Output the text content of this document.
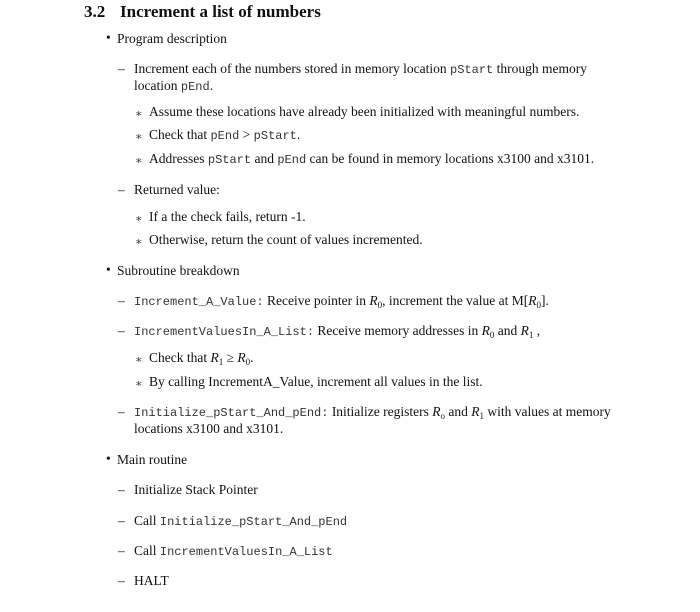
3.2 Increment a list of numbers
• Program description
– Increment each of the numbers stored in memory location pStart through memory
location pEnd.
∗ Assume these locations have already been initialized with meaningful numbers.
∗ Check that pEnd > pStart.
∗ Addresses pStart and pEnd can be found in memory locations x3100 and x3101.
– Returned value:
∗ If a the check fails, return -1.
∗ Otherwise, return the count of values incremented.
• Subroutine breakdown
– Increment_A_Value: Receive pointer in $R_0$, increment the value at $M[R_0]$.
– IncrementValuesIn_A_List: Receive memory addresses in $R_0$ and $R_1$ ,
∗ Check that $R_1 \ge R_0$.
∗ By calling IncrementA_Value, increment all values in the list.
– Initialize_pStart_And_pEnd: Initialize registers $R_o$ and $R_1$ with values at memory
locations x3100 and x3101.
• Main routine
– Initialize Stack Pointer
– Call Initialize_pStart_And_pEnd
– Call IncrementValuesIn_A_List
– HALT
